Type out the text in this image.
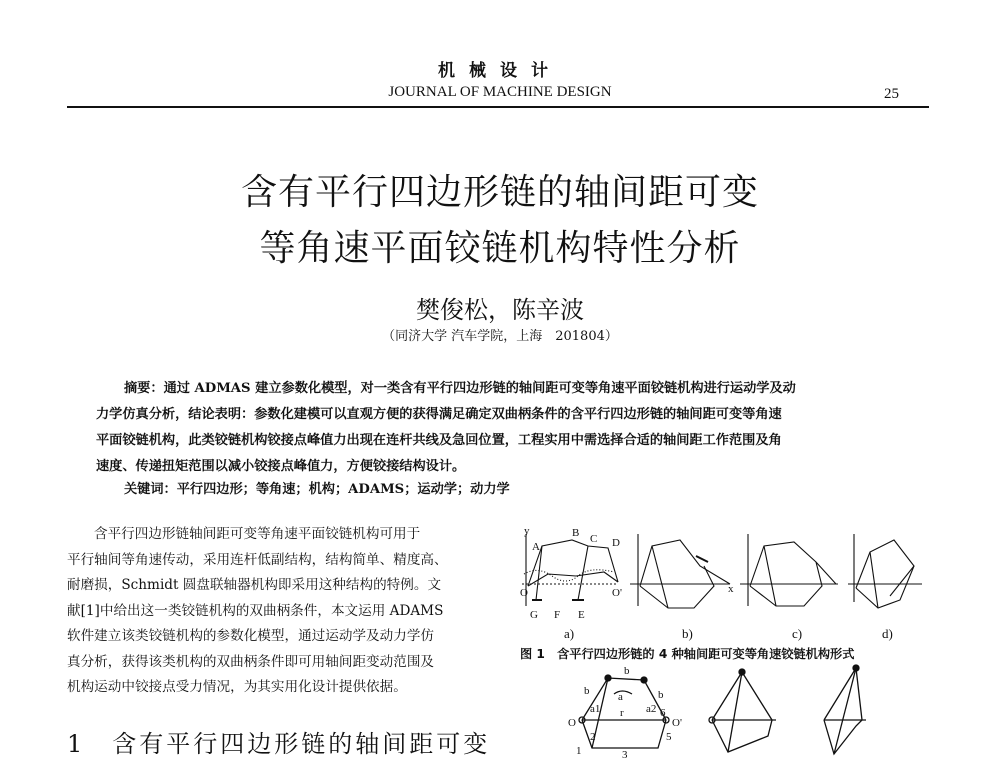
机械设计
JOURNAL OF MACHINE DESIGN	25
含有平行四边形链的轴间距可变
等角速平面铰链机构特性分析
樊俊松，陈辛波
（同济大学 汽车学院，上海　201804）
摘要：通过 ADMAS 建立参数化模型，对一类含有平行四边形链的轴间距可变等角速平面铰链机构进行运动学及动
力学仿真分析，结论表明：参数化建模可以直观方便的获得满足确定双曲柄条件的含平行四边形链的轴间距可变等角速
平面铰链机构，此类铰链机构铰接点峰值力出现在连杆共线及急回位置，工程实用中需选择合适的轴间距工作范围及角
速度、传递扭矩范围以减小铰接点峰值力，方便铰接结构设计。
关键词：平行四边形；等角速；机构；ADAMS；运动学；动力学

含平行四边形链轴间距可变等角速平面铰链机构可用于

平行轴间等角速传动，采用连杆低副结构，结构简单、精度高、
耐磨损，Schmidt 圆盘联轴器机构即采用这种结构的特例。文
献[1]中给出这一类铰链机构的双曲柄条件，本文运用 ADAMS
软件建立该类铰链机构的参数化模型，通过运动学及动力学仿
真分析，获得该类机构的双曲柄条件即可用轴间距变动范围及
机构运动中铰接点受力情况，为其实用化设计提供依据。
1　含有平行四边形链的轴间距可变
y
A
B C D
E
F
G
O	O'	x
a)	b)	c)	d)
图 1　含平行四边形链的 4 种轴间距可变等角速铰链机构形式
b
a
b	b
r
O	O'
1
2
3
5
6
a1	a2
